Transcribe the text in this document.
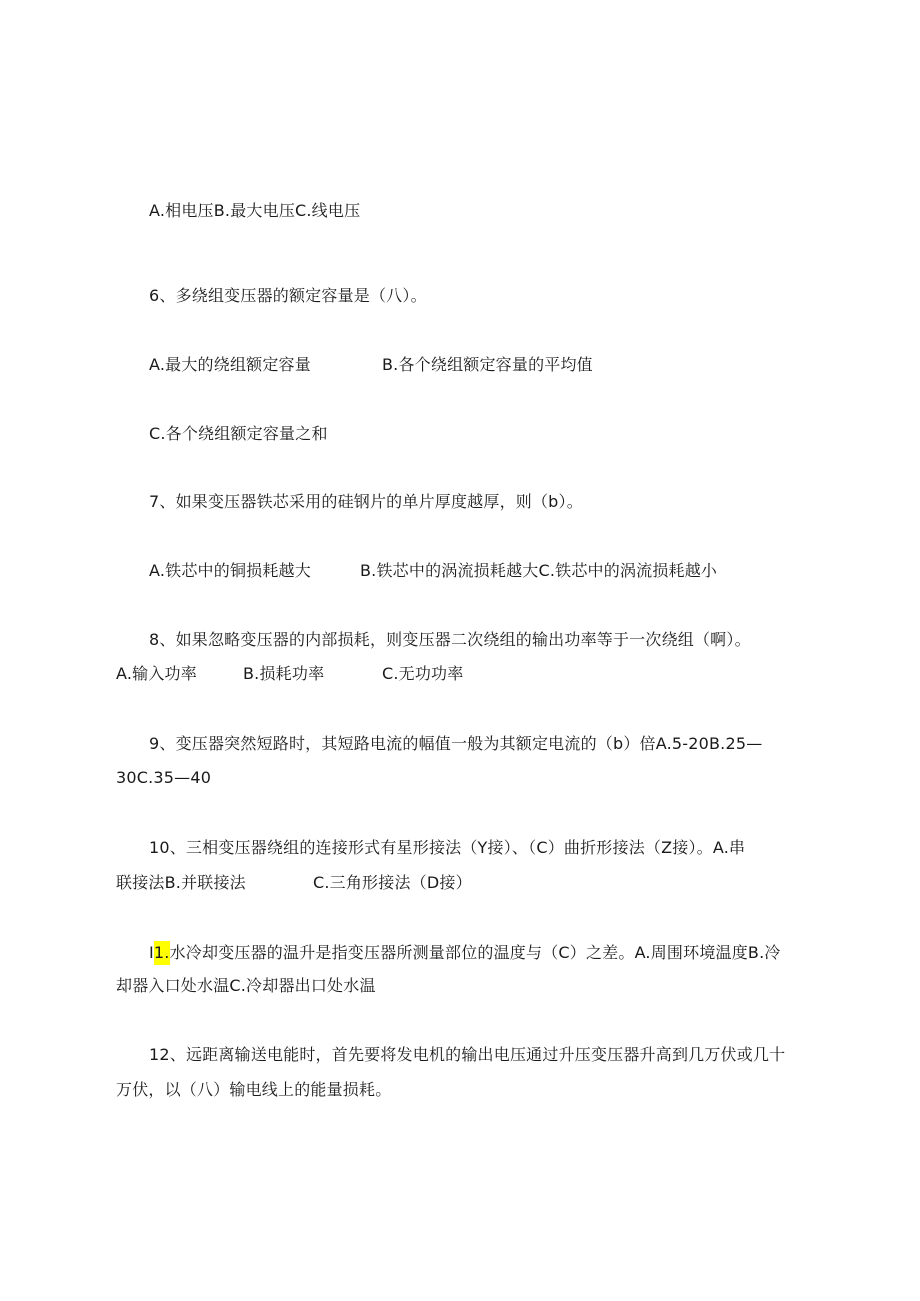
A.相电压B.最大电压C.线电压
6、多绕组变压器的额定容量是（八）。
A.最大的绕组额定容量	B.各个绕组额定容量的平均值
C.各个绕组额定容量之和
7、如果变压器铁芯采用的硅钢片的单片厚度越厚，则（b）。
A.铁芯中的铜损耗越大	B.铁芯中的涡流损耗越大C.铁芯中的涡流损耗越小
8、如果忽略变压器的内部损耗，则变压器二次绕组的输出功率等于一次绕组（啊）。
A.输入功率	B.损耗功率	C.无功功率
9、变压器突然短路时，其短路电流的幅值一般为其额定电流的（b）倍A.5-20B.25—
30C.35—40
10、三相变压器绕组的连接形式有星形接法（Y接）、（C）曲折形接法（Z接）。A.串
联接法B.并联接法	C.三角形接法（D接）
I1.水冷却变压器的温升是指变压器所测量部位的温度与（C）之差。A.周围环境温度B.冷
却器入口处水温C.冷却器出口处水温
12、远距离输送电能时，首先要将发电机的输出电压通过升压变压器升高到几万伏或几十
万伏，以（八）输电线上的能量损耗。
